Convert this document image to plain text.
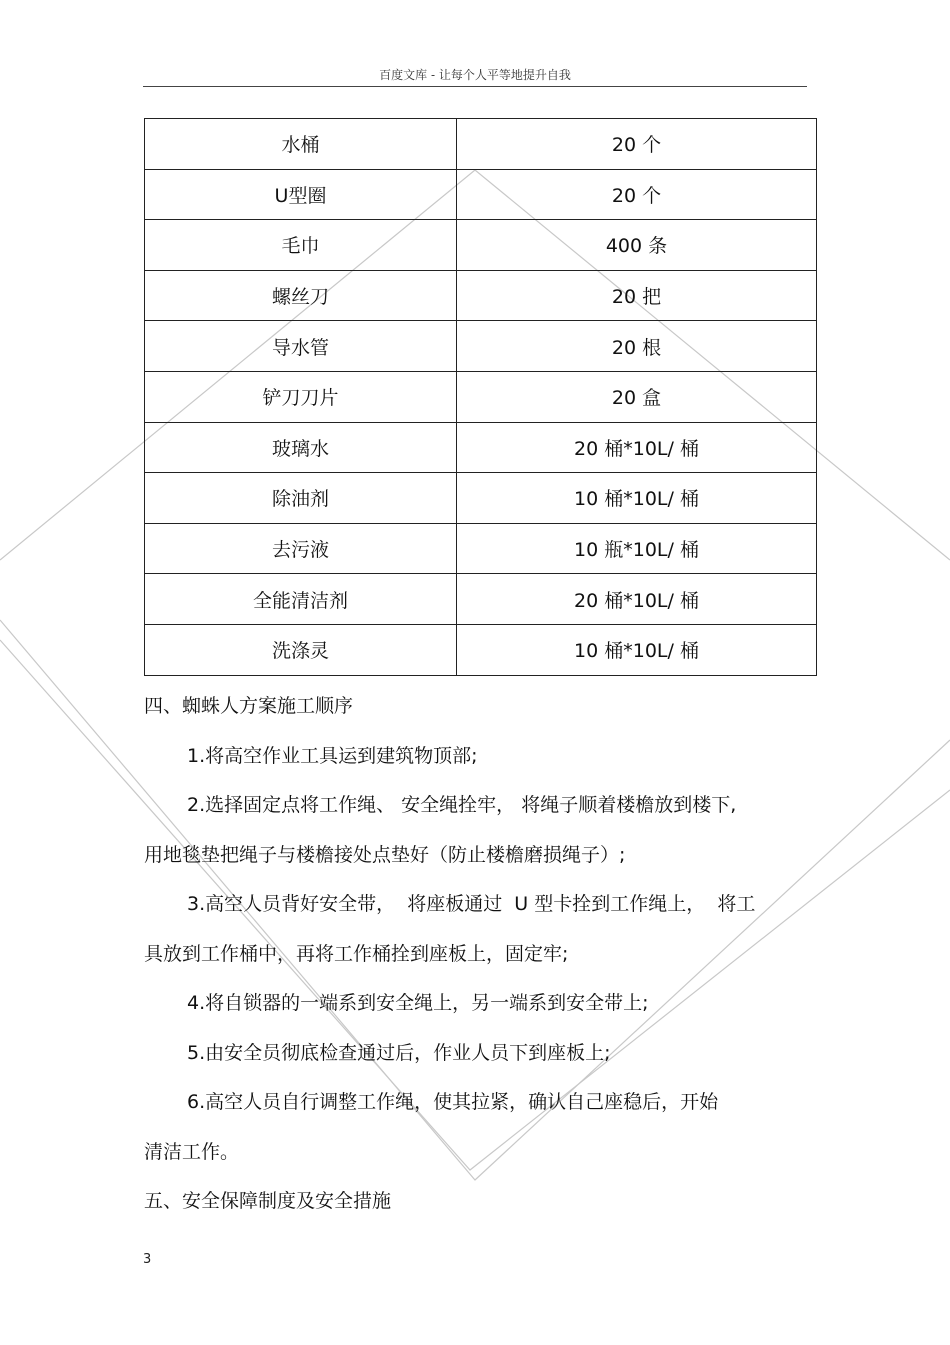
百度文库 - 让每个人平等地提升自我
水桶	20 个
U型圈	20 个
毛巾	400 条
螺丝刀	20 把
导水管	20 根
铲刀刀片	20 盒
玻璃水	20 桶*10L/ 桶
除油剂	10 桶*10L/ 桶
去污液	10 瓶*10L/ 桶
全能清洁剂	20 桶*10L/ 桶
洗涤灵	10 桶*10L/ 桶

四、蜘蛛人方案施工顺序

1.将高空作业工具运到建筑物顶部;

2.选择固定点将工作绳、 安全绳拴牢， 将绳子顺着楼檐放到楼下,

用地毯垫把绳子与楼檐接处点垫好（防止楼檐磨损绳子）;

3.高空人员背好安全带，  将座板通过  U 型卡拴到工作绳上，  将工

具放到工作桶中，再将工作桶拴到座板上，固定牢;

4.将自锁器的一端系到安全绳上，另一端系到安全带上;

5.由安全员彻底检查通过后，作业人员下到座板上;

6.高空人员自行调整工作绳，使其拉紧，确认自己座稳后，开始

清洁工作。

五、安全保障制度及安全措施

3
